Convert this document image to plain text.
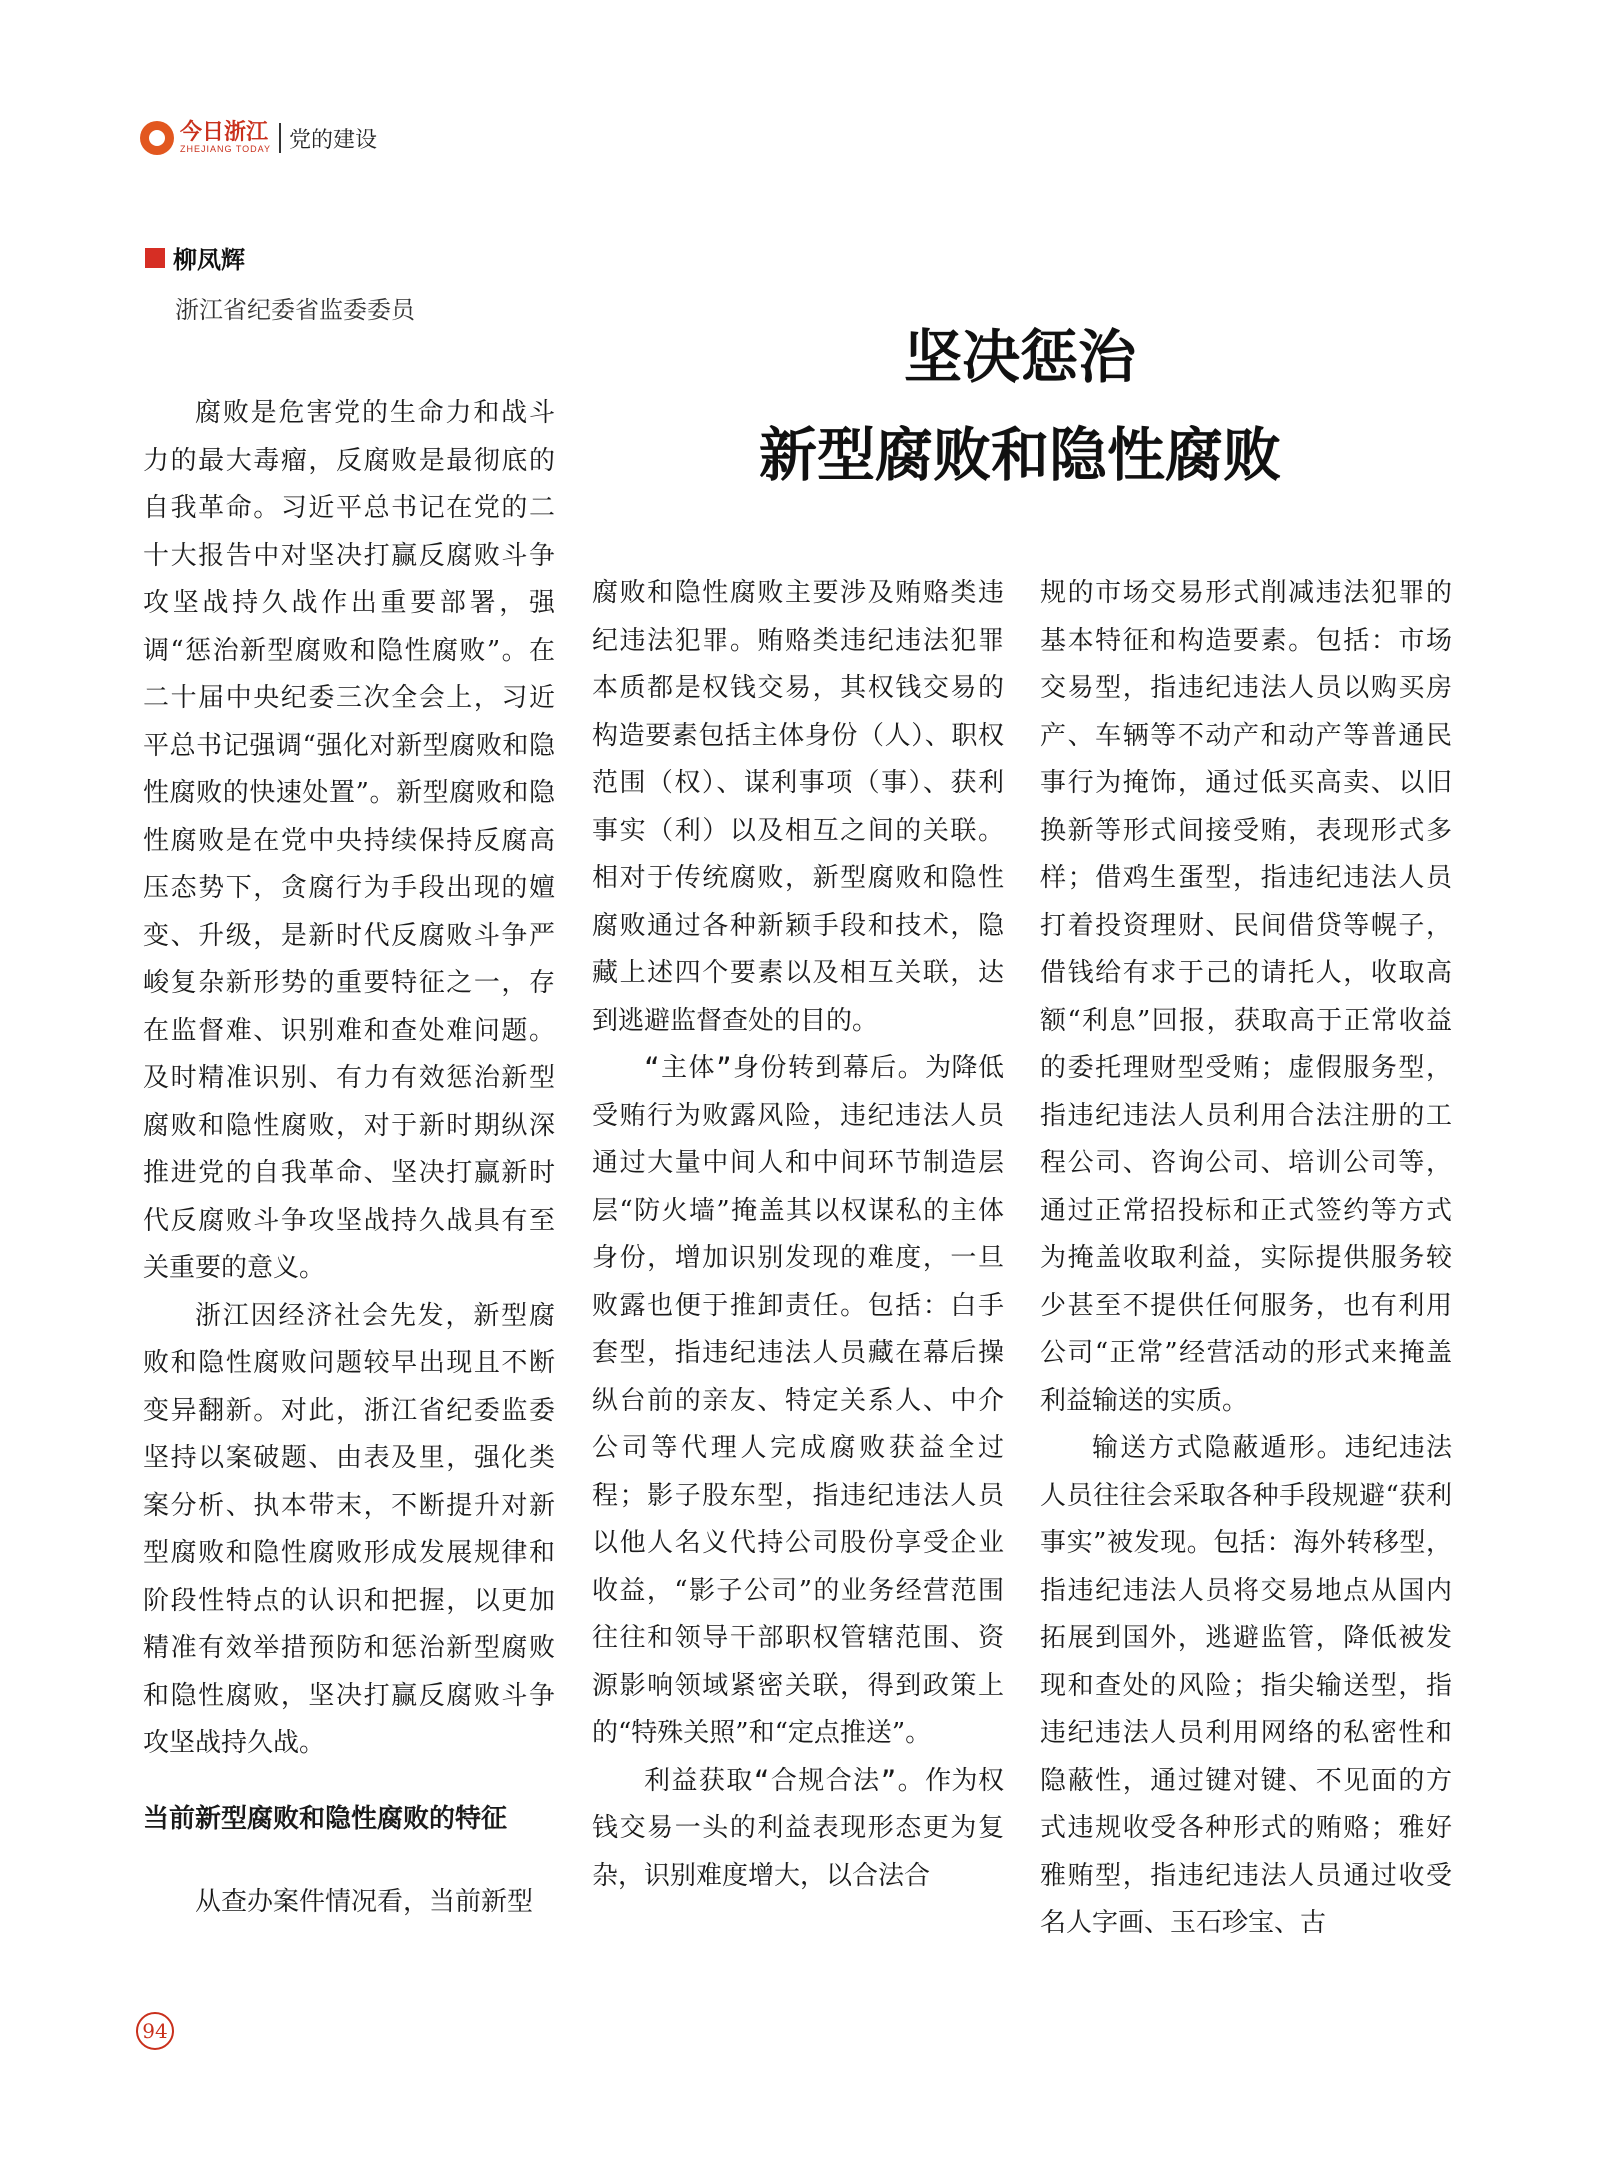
今日浙江
ZHEJIANG TODAY 党的建设
柳凤辉
浙江省纪委省监委委员
坚决惩治
新型腐败和隐性腐败

腐败是危害党的生命力和战斗力的最大毒瘤，反腐败是最彻底的自我革命。习近平总书记在党的二十大报告中对坚决打赢反腐败斗争攻坚战持久战作出重要部署，强调“惩治新型腐败和隐性腐败”。在二十届中央纪委三次全会上，习近平总书记强调“强化对新型腐败和隐性腐败的快速处置”。新型腐败和隐性腐败是在党中央持续保持反腐高压态势下，贪腐行为手段出现的嬗变、升级，是新时代反腐败斗争严峻复杂新形势的重要特征之一，存在监督难、识别难和查处难问题。及时精准识别、有力有效惩治新型腐败和隐性腐败，对于新时期纵深推进党的自我革命、坚决打赢新时代反腐败斗争攻坚战持久战具有至关重要的意义。

浙江因经济社会先发，新型腐败和隐性腐败问题较早出现且不断变异翻新。对此，浙江省纪委监委坚持以案破题、由表及里，强化类案分析、执本带末，不断提升对新型腐败和隐性腐败形成发展规律和阶段性特点的认识和把握，以更加精准有效举措预防和惩治新型腐败和隐性腐败，坚决打赢反腐败斗争攻坚战持久战。

当前新型腐败和隐性腐败的特征

从查办案件情况看，当前新型

腐败和隐性腐败主要涉及贿赂类违纪违法犯罪。贿赂类违纪违法犯罪本质都是权钱交易，其权钱交易的构造要素包括主体身份（人）、职权范围（权）、谋利事项（事）、获利事实（利）以及相互之间的关联。相对于传统腐败，新型腐败和隐性腐败通过各种新颖手段和技术，隐藏上述四个要素以及相互关联，达到逃避监督查处的目的。

“主体”身份转到幕后。为降低受贿行为败露风险，违纪违法人员通过大量中间人和中间环节制造层层“防火墙”掩盖其以权谋私的主体身份，增加识别发现的难度，一旦败露也便于推卸责任。包括：白手套型，指违纪违法人员藏在幕后操纵台前的亲友、特定关系人、中介公司等代理人完成腐败获益全过程；影子股东型，指违纪违法人员以他人名义代持公司股份享受企业收益，“影子公司”的业务经营范围往往和领导干部职权管辖范围、资源影响领域紧密关联，得到政策上的“特殊关照”和“定点推送”。

利益获取“合规合法”。作为权钱交易一头的利益表现形态更为复杂，识别难度增大，以合法合

规的市场交易形式削减违法犯罪的基本特征和构造要素。包括：市场交易型，指违纪违法人员以购买房产、车辆等不动产和动产等普通民事行为掩饰，通过低买高卖、以旧换新等形式间接受贿，表现形式多样；借鸡生蛋型，指违纪违法人员打着投资理财、民间借贷等幌子，借钱给有求于己的请托人，收取高额“利息”回报，获取高于正常收益的委托理财型受贿；虚假服务型，指违纪违法人员利用合法注册的工程公司、咨询公司、培训公司等，通过正常招投标和正式签约等方式为掩盖收取利益，实际提供服务较少甚至不提供任何服务，也有利用公司“正常”经营活动的形式来掩盖利益输送的实质。

输送方式隐蔽遁形。违纪违法人员往往会采取各种手段规避“获利事实”被发现。包括：海外转移型，指违纪违法人员将交易地点从国内拓展到国外，逃避监管，降低被发现和查处的风险；指尖输送型，指违纪违法人员利用网络的私密性和隐蔽性，通过键对键、不见面的方式违规收受各种形式的贿赂；雅好雅贿型，指违纪违法人员通过收受名人字画、玉石珍宝、古

94
